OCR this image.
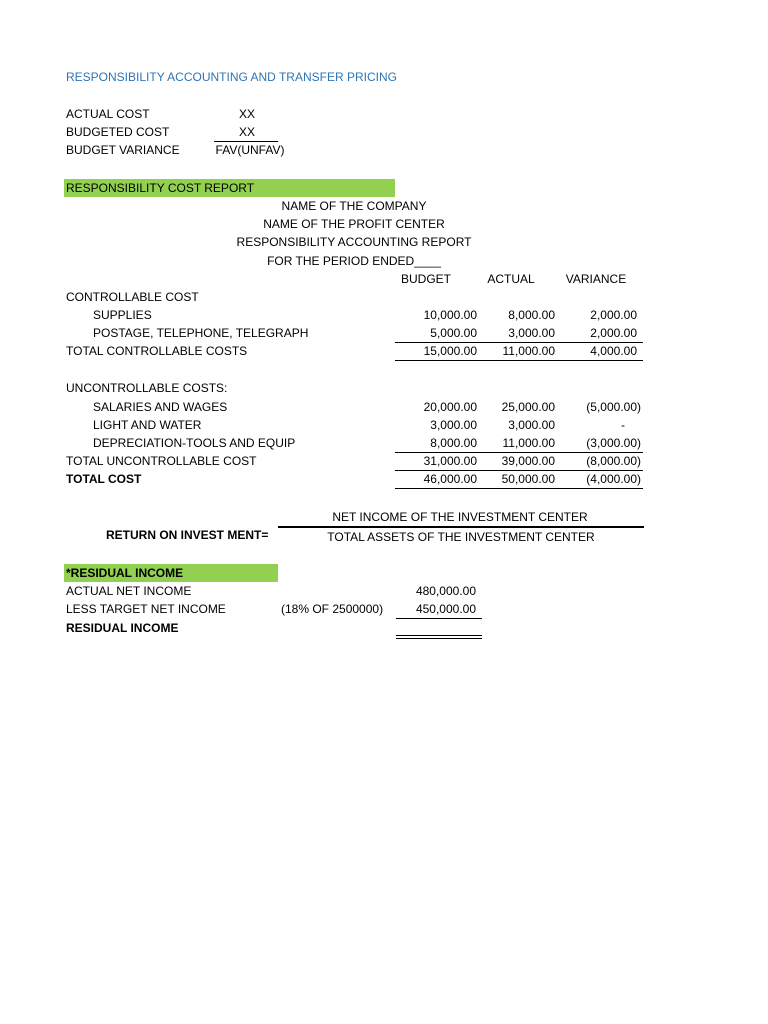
RESPONSIBILITY ACCOUNTING AND TRANSFER PRICING
ACTUAL COST	XX
BUDGETED COST	XX
BUDGET VARIANCE	FAV(UNFAV)
RESPONSIBILITY COST REPORT
NAME OF THE COMPANY
NAME OF THE PROFIT CENTER
RESPONSIBILITY ACCOUNTING REPORT
FOR THE PERIOD ENDED____
BUDGET	ACTUAL	VARIANCE
CONTROLLABLE COST
SUPPLIES	10,000.00	8,000.00	2,000.00
POSTAGE, TELEPHONE, TELEGRAPH	5,000.00	3,000.00	2,000.00
TOTAL CONTROLLABLE COSTS	15,000.00	11,000.00	4,000.00
UNCONTROLLABLE COSTS:
SALARIES AND WAGES	20,000.00	25,000.00	(5,000.00)
LIGHT AND WATER	3,000.00	3,000.00	-
DEPRECIATION-TOOLS AND EQUIP	8,000.00	11,000.00	(3,000.00)
TOTAL UNCONTROLLABLE COST	31,000.00	39,000.00	(8,000.00)
TOTAL COST	46,000.00	50,000.00	(4,000.00)
NET INCOME OF THE INVESTMENT CENTER
RETURN ON INVEST MENT=	TOTAL ASSETS OF THE INVESTMENT CENTER
*RESIDUAL INCOME
ACTUAL NET INCOME	480,000.00
LESS TARGET NET INCOME	(18% OF 2500000)	450,000.00
RESIDUAL INCOME
